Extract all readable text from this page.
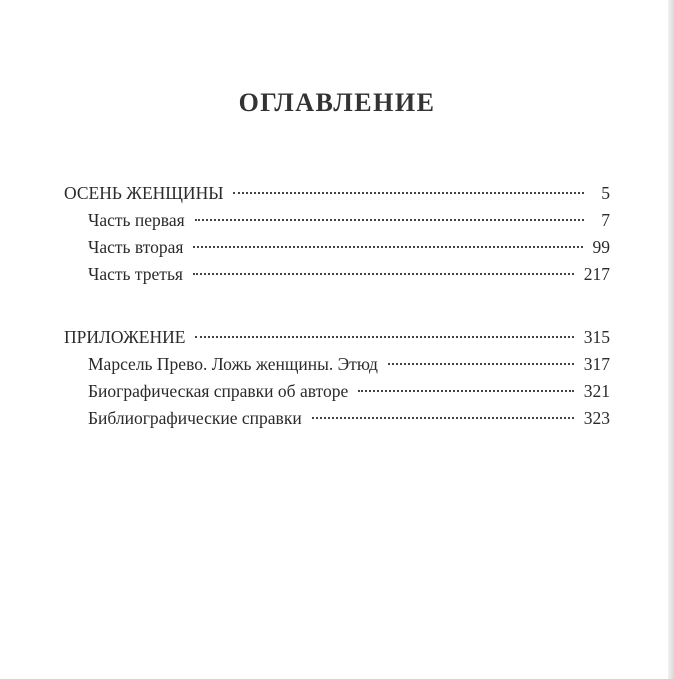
ОГЛАВЛЕНИЕ
ОСЕНЬ ЖЕНЩИНЫ	5
Часть первая	7
Часть вторая	99
Часть третья	217
ПРИЛОЖЕНИЕ	315
Марсель Прево. Ложь женщины. Этюд	317
Биографическая справки об авторе	321
Библиографические справки	323
